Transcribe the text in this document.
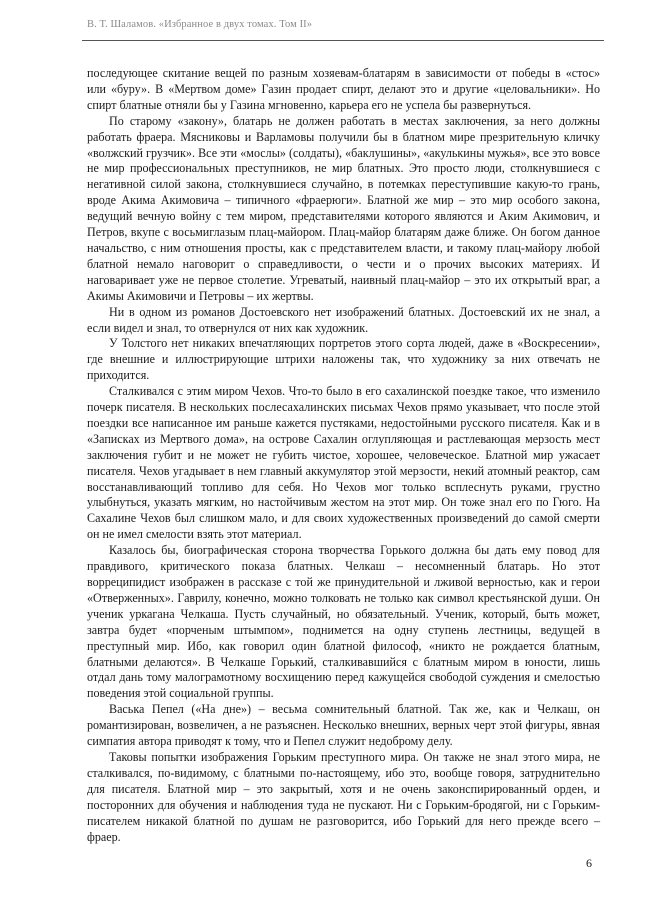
В. Т. Шаламов. «Избранное в двух томах. Том II»

последующее скитание вещей по разным хозяевам-блатарям в зависимости от победы в «стос» или «буру». В «Мертвом доме» Газин продает спирт, делают это и другие «целовальники». Но спирт блатные отняли бы у Газина мгновенно, карьера его не успела бы развернуться.

По старому «закону», блатарь не должен работать в местах заключения, за него должны работать фраера. Мясниковы и Варламовы получили бы в блатном мире презрительную кличку «волжский грузчик». Все эти «мослы» (солдаты), «баклушины», «акулькины мужья», все это вовсе не мир профессиональных преступников, не мир блатных. Это просто люди, столкнувшиеся с негативной силой закона, столкнувшиеся случайно, в потемках переступившие какую-то грань, вроде Акима Акимовича – типичного «фраерюги». Блатной же мир – это мир особого закона, ведущий вечную войну с тем миром, представителями которого являются и Аким Акимович, и Петров, вкупе с восьмиглазым плац-майором. Плац-майор блатарям даже ближе. Он богом данное начальство, с ним отношения просты, как с представителем власти, и такому плац-майору любой блатной немало наговорит о справедливости, о чести и о прочих высоких материях. И наговаривает уже не первое столетие. Угреватый, наивный плац-майор – это их открытый враг, а Акимы Акимовичи и Петровы – их жертвы.

Ни в одном из романов Достоевского нет изображений блатных. Достоевский их не знал, а если видел и знал, то отвернулся от них как художник.

У Толстого нет никаких впечатляющих портретов этого сорта людей, даже в «Воскресении», где внешние и иллюстрирующие штрихи наложены так, что художнику за них отвечать не приходится.

Сталкивался с этим миром Чехов. Что-то было в его сахалинской поездке такое, что изменило почерк писателя. В нескольких послесахалинских письмах Чехов прямо указывает, что после этой поездки все написанное им раньше кажется пустяками, недостойными русского писателя. Как и в «Записках из Мертвого дома», на острове Сахалин оглупляющая и растлевающая мерзость мест заключения губит и не может не губить чистое, хорошее, человеческое. Блатной мир ужасает писателя. Чехов угадывает в нем главный аккумулятор этой мерзости, некий атомный реактор, сам восстанавливающий топливо для себя. Но Чехов мог только всплеснуть руками, грустно улыбнуться, указать мягким, но настойчивым жестом на этот мир. Он тоже знал его по Гюго. На Сахалине Чехов был слишком мало, и для своих художественных произведений до самой смерти он не имел смелости взять этот материал.

Казалось бы, биографическая сторона творчества Горького должна бы дать ему повод для правдивого, критического показа блатных. Челкаш – несомненный блатарь. Но этот ворреципидист изображен в рассказе с той же принудительной и лживой верностью, как и герои «Отверженных». Гаврилу, конечно, можно толковать не только как символ крестьянской души. Он ученик уркагана Челкаша. Пусть случайный, но обязательный. Ученик, который, быть может, завтра будет «порченым штымпом», поднимется на одну ступень лестницы, ведущей в преступный мир. Ибо, как говорил один блатной философ, «никто не рождается блатным, блатными делаются». В Челкаше Горький, сталкивавшийся с блатным миром в юности, лишь отдал дань тому малограмотному восхищению перед кажущейся свободой суждения и смелостью поведения этой социальной группы.

Васька Пепел («На дне») – весьма сомнительный блатной. Так же, как и Челкаш, он романтизирован, возвеличен, а не разъяснен. Несколько внешних, верных черт этой фигуры, явная симпатия автора приводят к тому, что и Пепел служит недоброму делу.

Таковы попытки изображения Горьким преступного мира. Он также не знал этого мира, не сталкивался, по-видимому, с блатными по-настоящему, ибо это, вообще говоря, затруднительно для писателя. Блатной мир – это закрытый, хотя и не очень законспирированный орден, и посторонних для обучения и наблюдения туда не пускают. Ни с Горьким-бродягой, ни с Горьким-писателем никакой блатной по душам не разговорится, ибо Горький для него прежде всего – фраер.

6
